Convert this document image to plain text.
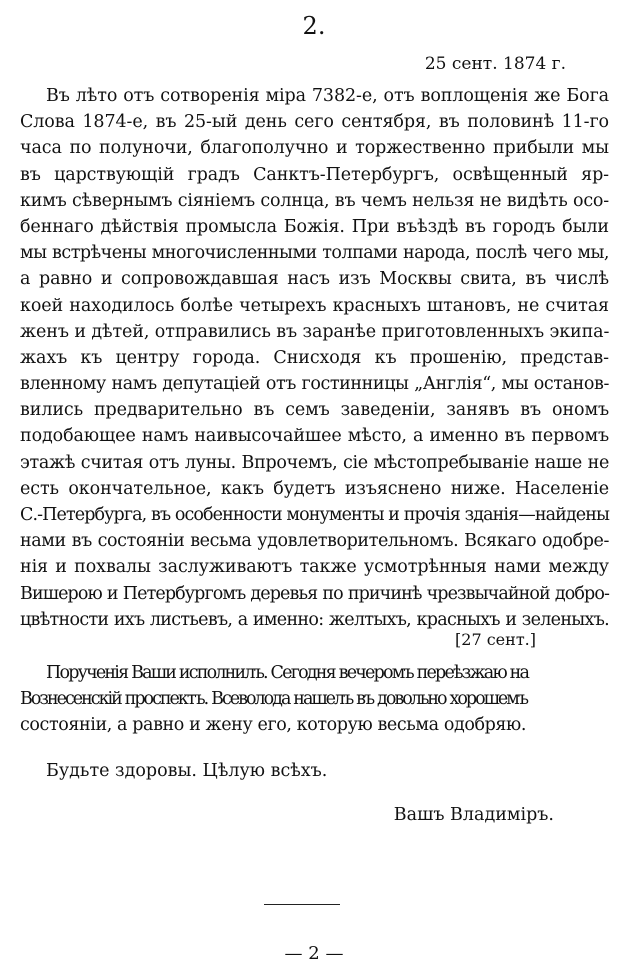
2.
25 сент. 1874 г.
Въ лѣто отъ сотворенія міра 7382-е, отъ воплощенія же Бога
Слова 1874-е, въ 25-ый день сего сентября, въ половинѣ 11-го
часа по полуночи, благополучно и торжественно прибыли мы
въ царствующій градъ Санктъ-Петербургъ, освѣщенный яр-
кимъ сѣвернымъ сіяніемъ солнца, въ чемъ нельзя не видѣть осо-
беннаго дѣйствія промысла Божія. При въѣздѣ въ городъ были
мы встрѣчены многочисленными толпами народа, послѣ чего мы,
а равно и сопровождавшая насъ изъ Москвы свита, въ числѣ
коей находилось болѣе четырехъ красныхъ штановъ, не считая
женъ и дѣтей, отправились въ заранѣе приготовленныхъ экипа-
жахъ къ центру города. Снисходя къ прошенію, представ-
вленному намъ депутаціей отъ гостинницы „Англія“, мы останов-
вились предварительно въ семъ заведеніи, занявъ въ ономъ
подобающее намъ наивысочайшее мѣсто, а именно въ первомъ
этажѣ считая отъ луны. Впрочемъ, сіе мѣстопребываніе наше не
есть окончательное, какъ будетъ изъяснено ниже. Населеніе
С.-Петербурга, въ особенности монументы и прочія зданія—найдены
нами въ состояніи весьма удовлетворительномъ. Всякаго одобре-
нія и похвалы заслуживаютъ также усмотрѣнныя нами между
Вишерою и Петербургомъ деревья по причинѣ чрезвычайной добро-
цвѣтности ихъ листьевъ, а именно: желтыхъ, красныхъ и зеленыхъ.
[27 сент.]
Порученія Ваши исполнилъ. Сегодня вечеромъ переѣзжаю на
Вознесенскій проспектъ. Всеволода нашелъ въ довольно хорошемъ
состояніи, а равно и жену его, которую весьма одобряю.
Будьте здоровы. Цѣлую всѣхъ.
Вашъ Владиміръ.
— 2 —
